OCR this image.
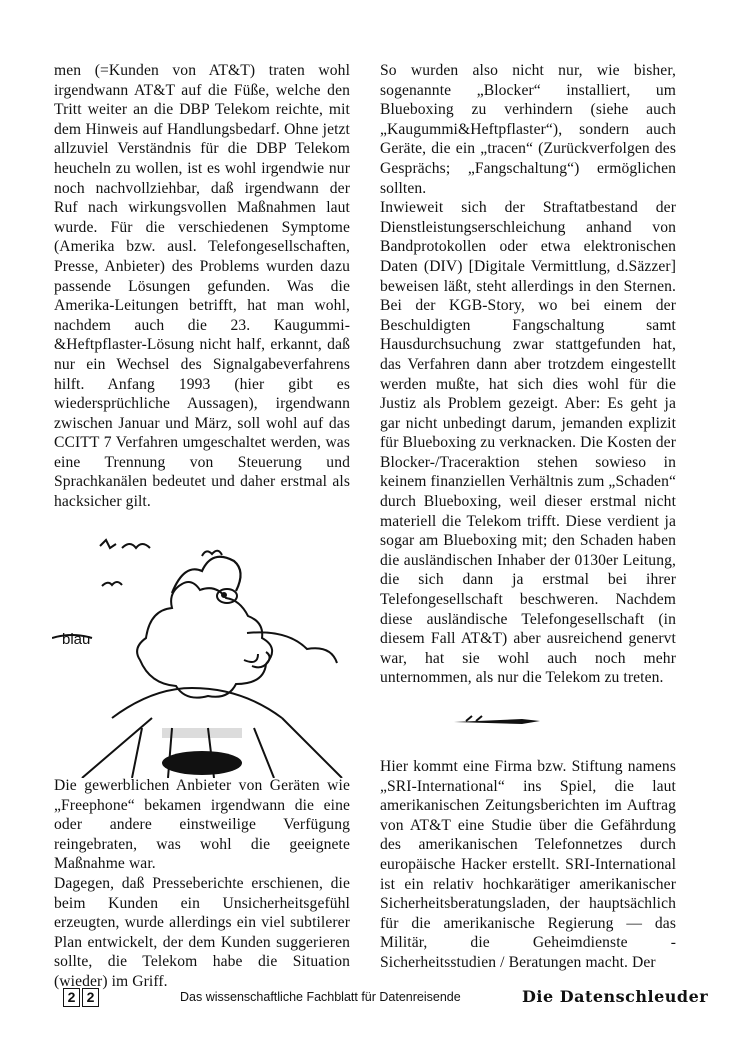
men (=Kunden von AT&T) traten wohl irgendwann AT&T auf die Füße, welche den Tritt weiter an die DBP Telekom reichte, mit dem Hinweis auf Handlungsbedarf. Ohne jetzt allzuviel Verständnis für die DBP Telekom heucheln zu wollen, ist es wohl irgendwie nur noch nachvollziehbar, daß irgendwann der Ruf nach wirkungsvollen Maßnahmen laut wurde. Für die verschiedenen Symptome (Amerika bzw. ausl. Telefongesellschaften, Presse, Anbieter) des Problems wurden dazu passende Lösungen gefunden. Was die Amerika-Leitungen betrifft, hat man wohl, nachdem auch die 23. Kaugummi-&Heftpflaster-Lösung nicht half, erkannt, daß nur ein Wechsel des Signalgabeverfahrens hilft. Anfang 1993 (hier gibt es wiedersprüchliche Aussagen), irgendwann zwischen Januar und März, soll wohl auf das CCITT 7 Verfahren umgeschaltet werden, was eine Trennung von Steuerung und Sprachkanälen bedeutet und daher erstmal als hacksicher gilt.

blau

Die gewerblichen Anbieter von Geräten wie „Freephone“ bekamen irgendwann die eine oder andere einstweilige Verfügung reingebraten, was wohl die geeignete Maßnahme war.

Dagegen, daß Presseberichte erschienen, die beim Kunden ein Unsicherheitsgefühl erzeugten, wurde allerdings ein viel subtilerer Plan entwickelt, der dem Kunden suggerieren sollte, die Telekom habe die Situation (wieder) im Griff.

So wurden also nicht nur, wie bisher, sogenannte „Blocker“ installiert, um Blueboxing zu verhindern (siehe auch „Kaugummi&Heftpflaster“), sondern auch Geräte, die ein „tracen“ (Zurückverfolgen des Gesprächs; „Fangschaltung“) ermöglichen sollten.

Inwieweit sich der Straftatbestand der Dienstleistungserschleichung anhand von Bandprotokollen oder etwa elektronischen Daten (DIV) [Digitale Vermittlung, d.Säzzer] beweisen läßt, steht allerdings in den Sternen. Bei der KGB-Story, wo bei einem der Beschuldigten Fangschaltung samt Hausdurchsuchung zwar stattgefunden hat, das Verfahren dann aber trotzdem eingestellt werden mußte, hat sich dies wohl für die Justiz als Problem gezeigt. Aber: Es geht ja gar nicht unbedingt darum, jemanden explizit für Blueboxing zu verknacken. Die Kosten der Blocker-/Traceraktion stehen sowieso in keinem finanziellen Verhältnis zum „Schaden“ durch Blueboxing, weil dieser erstmal nicht materiell die Telekom trifft. Diese verdient ja sogar am Blueboxing mit; den Schaden haben die ausländischen Inhaber der 0130er Leitung, die sich dann ja erstmal bei ihrer Telefongesellschaft beschweren. Nachdem diese ausländische Telefongesellschaft (in diesem Fall AT&T) aber ausreichend genervt war, hat sie wohl auch noch mehr unternommen, als nur die Telekom zu treten.

Hier kommt eine Firma bzw. Stiftung namens „SRI-International“ ins Spiel, die laut amerikanischen Zeitungsberichten im Auftrag von AT&T eine Studie über die Gefährdung des amerikanischen Telefonnetzes durch europäische Hacker erstellt. SRI-International ist ein relativ hochkarätiger amerikanischer Sicherheitsberatungsladen, der hauptsächlich für die amerikanische Regierung — das Militär, die Geheimdienste - Sicherheitsstudien / Beratungen macht. Der

2 2	Das wissenschaftliche Fachblatt für Datenreisende	Die Datenschleuder
